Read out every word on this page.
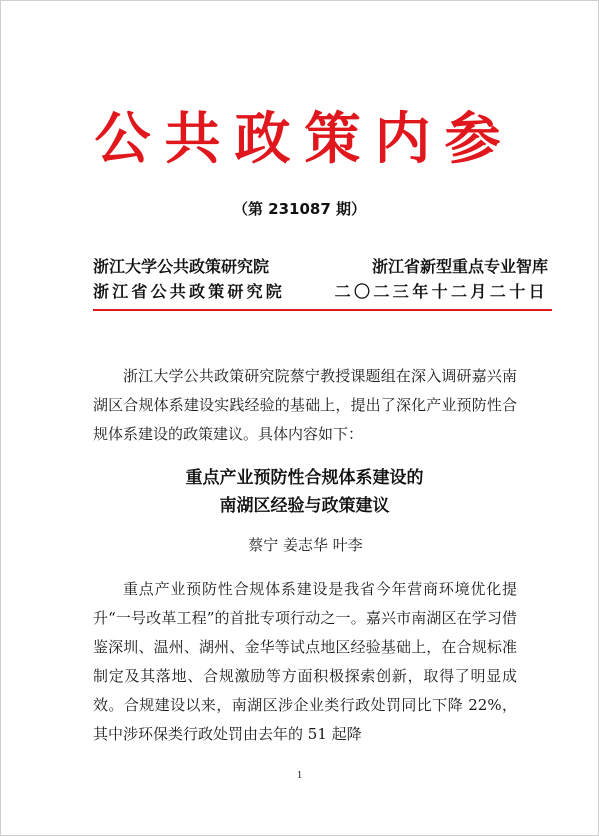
公共政策内参
（第 231087 期）
浙江大学公共政策研究院	浙江省新型重点专业智库
浙江省公共政策研究院	二〇二三年十二月二十日
浙江大学公共政策研究院蔡宁教授课题组在深入调研嘉兴南湖区合规体系建设实践经验的基础上，提出了深化产业预防性合规体系建设的政策建议。具体内容如下：
重点产业预防性合规体系建设的
南湖区经验与政策建议
蔡宁 姜志华 叶李
重点产业预防性合规体系建设是我省今年营商环境优化提升“一号改革工程”的首批专项行动之一。嘉兴市南湖区在学习借鉴深圳、温州、湖州、金华等试点地区经验基础上，在合规标准制定及其落地、合规激励等方面积极探索创新，取得了明显成效。合规建设以来，南湖区涉企业类行政处罚同比下降 22%，其中涉环保类行政处罚由去年的 51 起降
1
